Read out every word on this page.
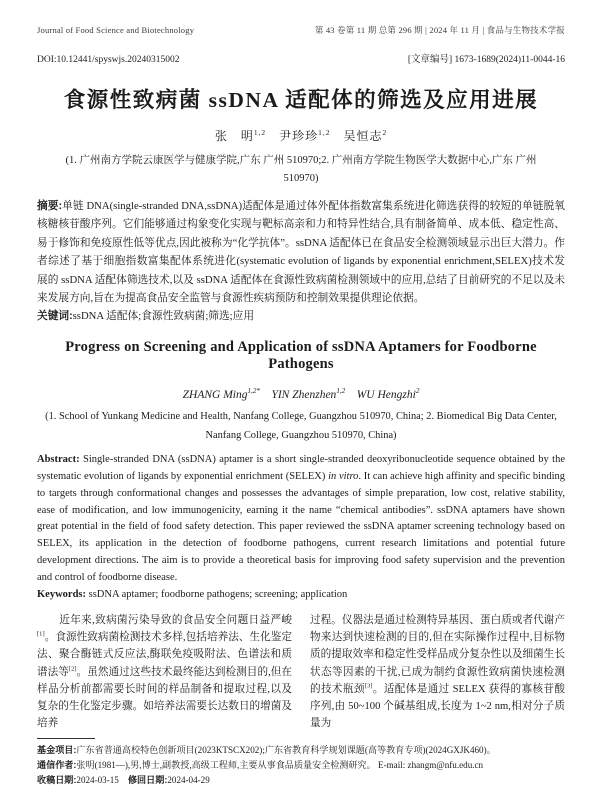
Journal of Food Science and Biotechnology	第 43 卷第 11 期 总第 296 期 | 2024 年 11 月 | 食品与生物技术学报
DOI:10.12441/spyswjs.20240315002	[文章编号] 1673-1689(2024)11-0044-16
食源性致病菌 ssDNA 适配体的筛选及应用进展
张　明$^{1,2}$　尹珍珍$^{1,2}$　吴恒志$^2$
(1. 广州南方学院云康医学与健康学院,广东 广州 510970;2. 广州南方学院生物医学大数据中心,广东 广州 510970)

摘要:单链 DNA(single-stranded DNA,ssDNA)适配体是通过体外配体指数富集系统进化筛选获得的较短的单链脱氧核糖核苷酸序列。它们能够通过构象变化实现与靶标高亲和力和特异性结合,具有制备简单、成本低、稳定性高、易于修饰和免疫原性低等优点,因此被称为“化学抗体”。ssDNA 适配体已在食品安全检测领域显示出巨大潜力。作者综述了基于细胞指数富集配体系统进化(systematic evolution of ligands by exponential enrichment,SELEX)技术发展的 ssDNA 适配体筛选技术,以及 ssDNA 适配体在食源性致病菌检测领域中的应用,总结了目前研究的不足以及未来发展方向,旨在为提高食品安全监管与食源性疾病预防和控制效果提供理论依据。

关键词:ssDNA 适配体;食源性致病菌;筛选;应用

Progress on Screening and Application of ssDNA Aptamers for Foodborne Pathogens
ZHANG Ming$^{1,2*}$　YIN Zhenzhen$^{1,2}$　WU Hengzhi$^2$
(1. School of Yunkang Medicine and Health, Nanfang College, Guangzhou 510970, China; 2. Biomedical Big Data Center, Nanfang College, Guangzhou 510970, China)

Abstract: Single-stranded DNA (ssDNA) aptamer is a short single-stranded deoxyribonucleotide sequence obtained by the systematic evolution of ligands by exponential enrichment (SELEX) in vitro. It can achieve high affinity and specific binding to targets through conformational changes and possesses the advantages of simple preparation, low cost, relative stability, ease of modification, and low immunogenicity, earning it the name “chemical antibodies”. ssDNA aptamers have shown great potential in the field of food safety detection. This paper reviewed the ssDNA aptamer screening technology based on SELEX, its application in the detection of foodborne pathogens, current research limitations and potential future development directions. The aim is to provide a theoretical basis for improving food safety supervision and the prevention and control of foodborne disease.

Keywords: ssDNA aptamer; foodborne pathogens; screening; application

近年来,致病菌污染导致的食品安全问题日益严峻[1]。食源性致病菌检测技术多样,包括培养法、生化鉴定法、聚合酶链式反应法,酶联免疫吸附法、色谱法和质谱法等[2]。虽然通过这些技术最终能达到检测目的,但在样品分析前都需要长时间的样品制备和提取过程,以及复杂的生化鉴定步骤。如培养法需要长达数日的增菌及培养

过程。仪器法是通过检测特异基因、蛋白质或者代谢产物来达到快速检测的目的,但在实际操作过程中,目标物质的提取效率和稳定性受样品成分复杂性以及细菌生长状态等因素的干扰,已成为制约食源性致病菌快速检测的技术瓶颈[3]。适配体是通过 SELEX 获得的寡核苷酸序列,由 50~100 个碱基组成,长度为 1~2 nm,相对分子质量为

基金项目:广东省普通高校特色创新项目(2023KTSCX202);广东省教育科学规划课题(高等教育专项)(2024GXJK460)。
通信作者:张明(1981—),男,博士,副教授,高级工程师,主要从事食品质量安全检测研究。 E-mail: zhangm@nfu.edu.cn
收稿日期:2024-03-15　修回日期:2024-04-29
